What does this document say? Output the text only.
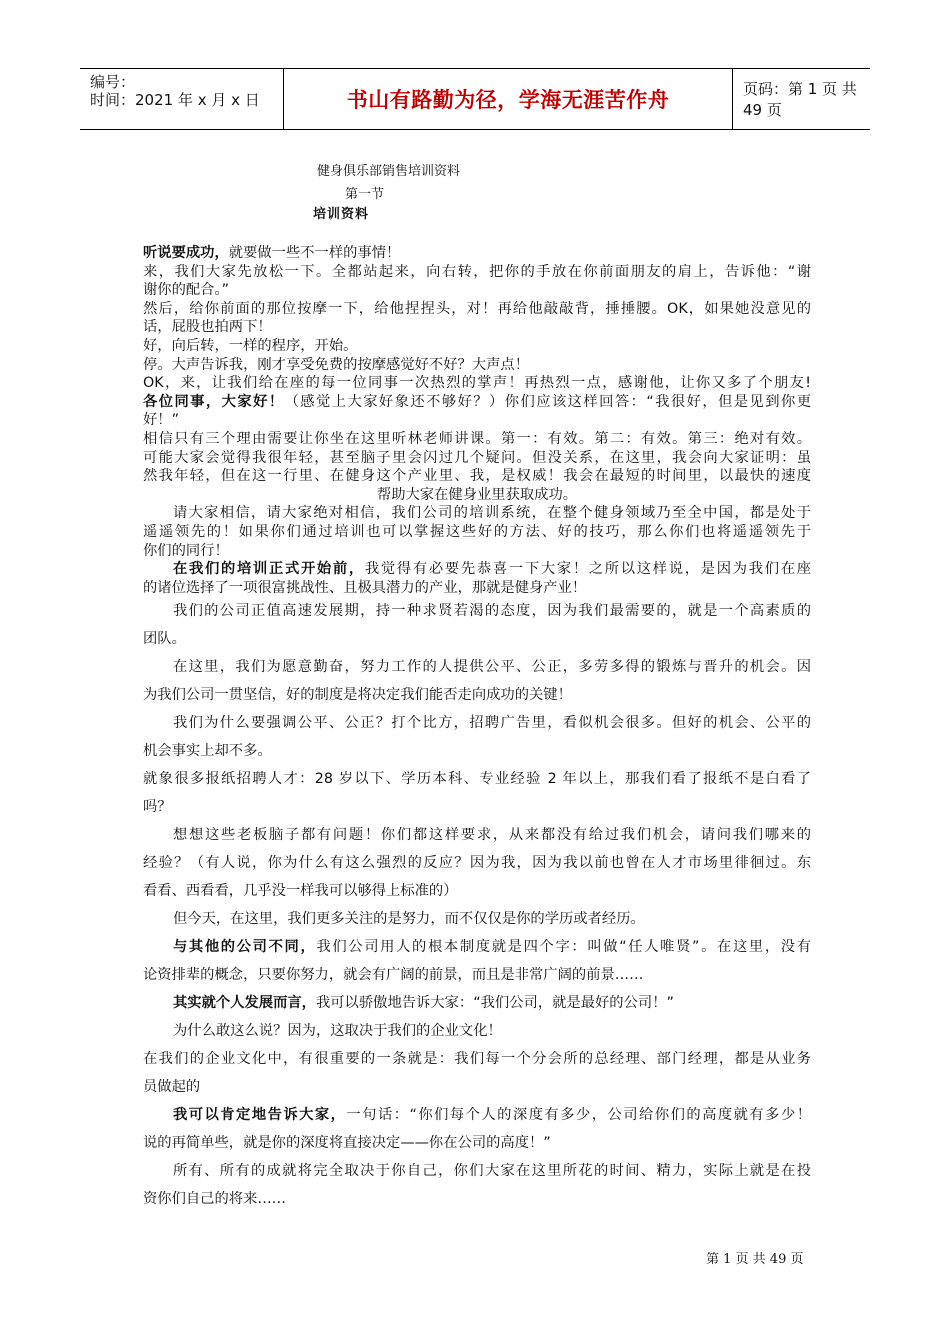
编号：
时间：2021 年 x 月 x 日	书山有路勤为径，学海无涯苦作舟	页码：第 1 页 共 49 页
健身俱乐部销售培训资料
第一节
培训资料
听说要成功，就要做一些不一样的事情！
来，我们大家先放松一下。全都站起来，向右转，把你的手放在你前面朋友的肩上，告诉他：“谢
谢你的配合。”
然后，给你前面的那位按摩一下，给他捏捏头，对！再给他敲敲背，捶捶腰。OK，如果她没意见的
话，屁股也拍两下！
好，向后转，一样的程序，开始。
停。大声告诉我，刚才享受免费的按摩感觉好不好？大声点！
OK，来，让我们给在座的每一位同事一次热烈的掌声！再热烈一点，感谢他，让你又多了个朋友!
各位同事，大家好！（感觉上大家好象还不够好？）你们应该这样回答：“我很好，但是见到你更
好！”
相信只有三个理由需要让你坐在这里听林老师讲课。第一：有效。第二：有效。第三：绝对有效。
可能大家会觉得我很年轻，甚至脑子里会闪过几个疑问。但没关系，在这里，我会向大家证明：虽
然我年轻，但在这一行里、在健身这个产业里、我，是权威！我会在最短的时间里，以最快的速度
帮助大家在健身业里获取成功。
请大家相信，请大家绝对相信，我们公司的培训系统，在整个健身领域乃至全中国，都是处于
遥遥领先的！如果你们通过培训也可以掌握这些好的方法、好的技巧，那么你们也将遥遥领先于
你们的同行！
在我们的培训正式开始前，我觉得有必要先恭喜一下大家！之所以这样说，是因为我们在座
的诸位选择了一项很富挑战性、且极具潜力的产业，那就是健身产业！
我们的公司正值高速发展期，持一种求贤若渴的态度，因为我们最需要的，就是一个高素质的
团队。
在这里，我们为愿意勤奋，努力工作的人提供公平、公正，多劳多得的锻炼与晋升的机会。因
为我们公司一贯坚信，好的制度是将决定我们能否走向成功的关键！
我们为什么要强调公平、公正？打个比方，招聘广告里，看似机会很多。但好的机会、公平的
机会事实上却不多。
就象很多报纸招聘人才：28 岁以下、学历本科、专业经验 2 年以上，那我们看了报纸不是白看了
吗？
想想这些老板脑子都有问题！你们都这样要求，从来都没有给过我们机会，请问我们哪来的
经验？（有人说，你为什么有这么强烈的反应？因为我，因为我以前也曾在人才市场里徘徊过。东
看看、西看看，几乎没一样我可以够得上标准的）
但今天，在这里，我们更多关注的是努力，而不仅仅是你的学历或者经历。
与其他的公司不同，我们公司用人的根本制度就是四个字：叫做“任人唯贤”。在这里，没有
论资排辈的概念，只要你努力，就会有广阔的前景，而且是非常广阔的前景……
其实就个人发展而言，我可以骄傲地告诉大家：“我们公司，就是最好的公司！”
为什么敢这么说？因为，这取决于我们的企业文化！
在我们的企业文化中，有很重要的一条就是：我们每一个分会所的总经理、部门经理，都是从业务
员做起的
我可以肯定地告诉大家，一句话：“你们每个人的深度有多少，公司给你们的高度就有多少！
说的再简单些，就是你的深度将直接决定——你在公司的高度！”
所有、所有的成就将完全取决于你自己，你们大家在这里所花的时间、精力，实际上就是在投
资你们自己的将来……
第 1 页 共 49 页
